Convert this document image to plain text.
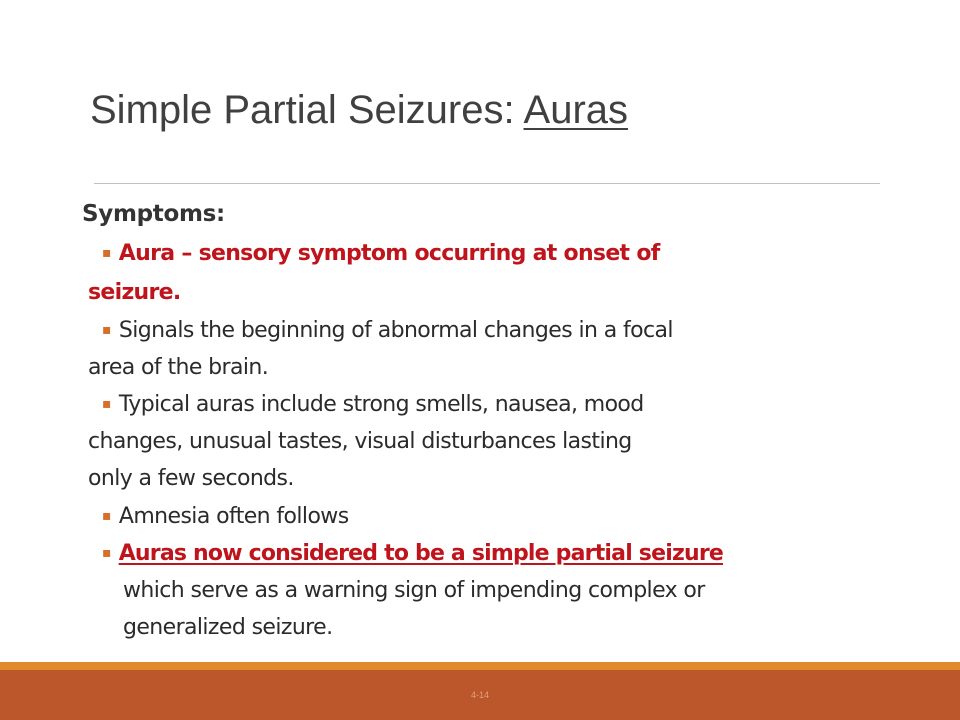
Simple Partial Seizures: Auras
Symptoms:
▪ Aura – sensory symptom occurring at onset of
seizure.
▪ Signals the beginning of abnormal changes in a focal
area of the brain.
▪ Typical auras include strong smells, nausea, mood
changes, unusual tastes, visual disturbances lasting
only a few seconds.
▪ Amnesia often follows
▪ Auras now considered to be a simple partial seizure
which serve as a warning sign of impending complex or
generalized seizure.
4-14
